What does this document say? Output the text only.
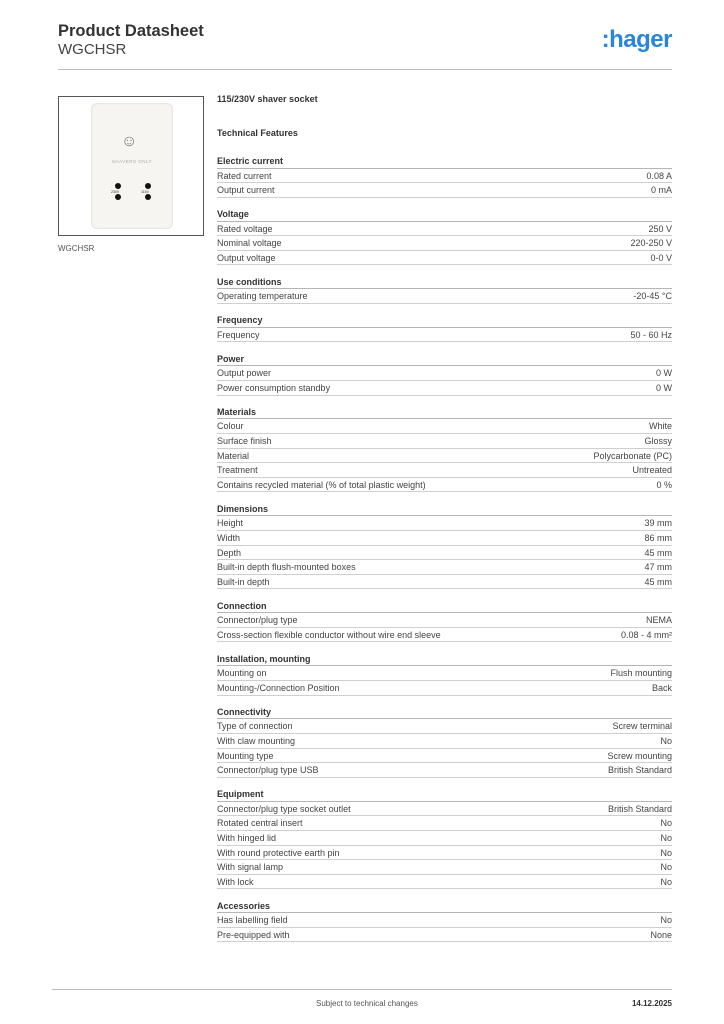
Product Datasheet
WGCHSR	:hager
☺
SHAVERS ONLY
230V	115V
WGCHSR
115/230V shaver socket
Technical Features
Electric current
Rated current	0.08 A
Output current	0 mA
Voltage
Rated voltage	250 V
Nominal voltage	220-250 V
Output voltage	0-0 V
Use conditions
Operating temperature	-20-45 °C
Frequency
Frequency	50 - 60 Hz
Power
Output power	0 W
Power consumption standby	0 W
Materials
Colour	White
Surface finish	Glossy
Material	Polycarbonate (PC)
Treatment	Untreated
Contains recycled material (% of total plastic weight)	0 %
Dimensions
Height	39 mm
Width	86 mm
Depth	45 mm
Built-in depth flush-mounted boxes	47 mm
Built-in depth	45 mm
Connection
Connector/plug type	NEMA
Cross-section flexible conductor without wire end sleeve	0.08 - 4 mm²
Installation, mounting
Mounting on	Flush mounting
Mounting-/Connection Position	Back
Connectivity
Type of connection	Screw terminal
With claw mounting	No
Mounting type	Screw mounting
Connector/plug type USB	British Standard
Equipment
Connector/plug type socket outlet	British Standard
Rotated central insert	No
With hinged lid	No
With round protective earth pin	No
With signal lamp	No
With lock	No
Accessories
Has labelling field	No
Pre-equipped with	None
Subject to technical changes	14.12.2025
